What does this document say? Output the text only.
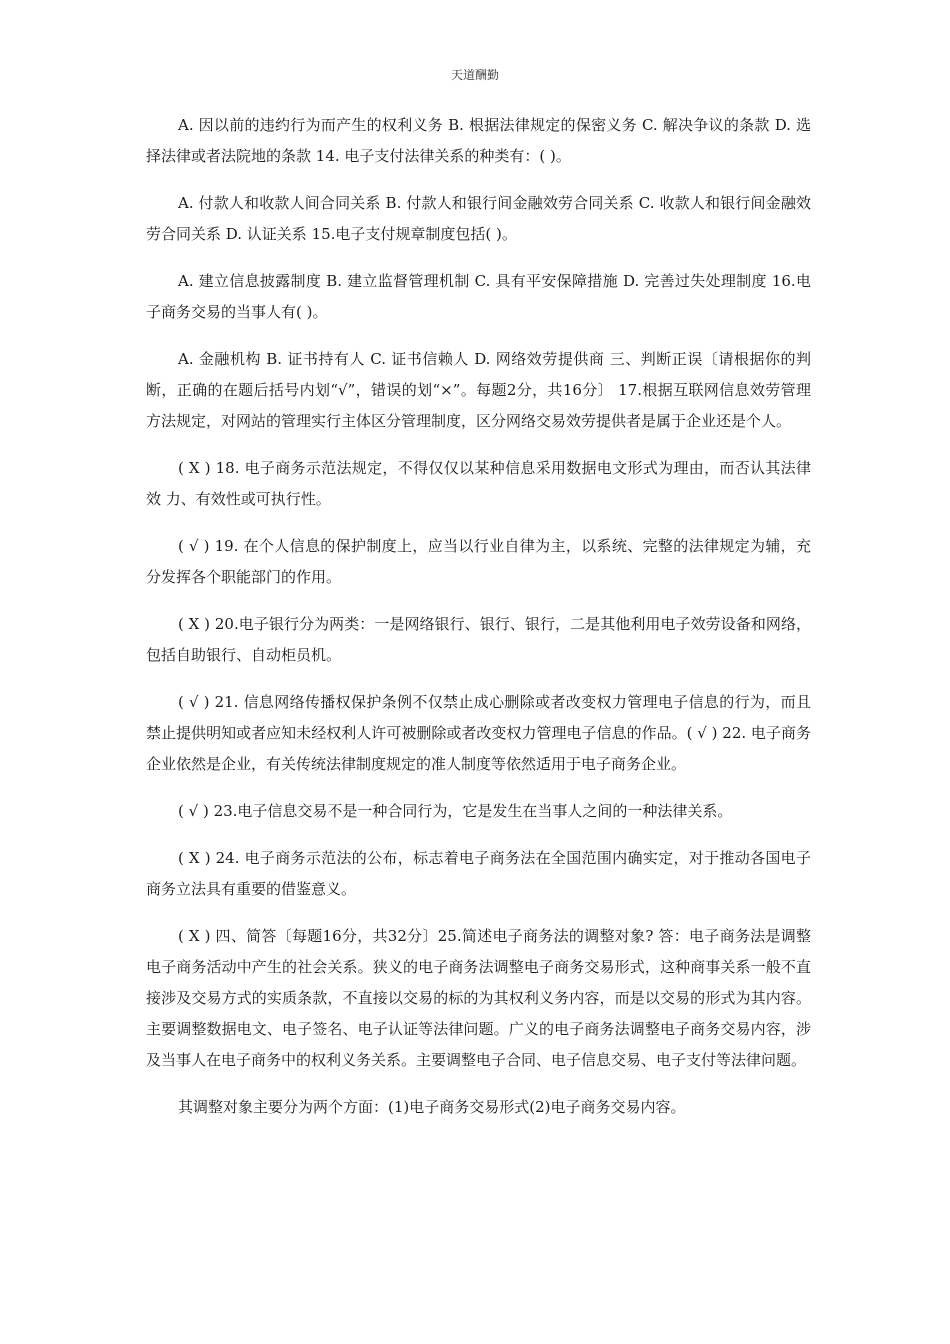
天道酬勤

A. 因以前的违约行为而产生的权利义务 B. 根据法律规定的保密义务 C. 解决争议的条款 D. 选择法律或者法院地的条款 14. 电子支付法律关系的种类有：( )。

A. 付款人和收款人间合同关系 B. 付款人和银行间金融效劳合同关系 C. 收款人和银行间金融效劳合同关系 D. 认证关系 15.电子支付规章制度包括( )。

A. 建立信息披露制度 B. 建立监督管理机制 C. 具有平安保障措施 D. 完善过失处理制度 16.电子商务交易的当事人有( )。

A. 金融机构 B. 证书持有人 C. 证书信赖人 D. 网络效劳提供商 三、判断正误〔请根据你的判断，正确的在题后括号内划“√”，错误的划“×”。每题2分，共16分〕 17.根据互联网信息效劳管理方法规定，对网站的管理实行主体区分管理制度，区分网络交易效劳提供者是属于企业还是个人。

( X ) 18. 电子商务示范法规定，不得仅仅以某种信息采用数据电文形式为理由，而否认其法律效 力、有效性或可执行性。

( √ ) 19. 在个人信息的保护制度上，应当以行业自律为主，以系统、完整的法律规定为辅，充分发挥各个职能部门的作用。

( X ) 20.电子银行分为两类：一是网络银行、银行、银行，二是其他利用电子效劳设备和网络，包括自助银行、自动柜员机。

( √ ) 21. 信息网络传播权保护条例不仅禁止成心删除或者改变权力管理电子信息的行为，而且禁止提供明知或者应知未经权利人许可被删除或者改变权力管理电子信息的作品。( √ ) 22. 电子商务企业依然是企业，有关传统法律制度规定的准人制度等依然适用于电子商务企业。

( √ ) 23.电子信息交易不是一种合同行为，它是发生在当事人之间的一种法律关系。

( X ) 24. 电子商务示范法的公布，标志着电子商务法在全国范围内确实定，对于推动各国电子商务立法具有重要的借鉴意义。

( X ) 四、简答〔每题16分，共32分〕25.简述电子商务法的调整对象? 答：电子商务法是调整电子商务活动中产生的社会关系。狭义的电子商务法调整电子商务交易形式，这种商事关系一般不直接涉及交易方式的实质条款，不直接以交易的标的为其权利义务内容，而是以交易的形式为其内容。主要调整数据电文、电子签名、电子认证等法律问题。广义的电子商务法调整电子商务交易内容，涉及当事人在电子商务中的权利义务关系。主要调整电子合同、电子信息交易、电子支付等法律问题。

其调整对象主要分为两个方面：(1)电子商务交易形式(2)电子商务交易内容。
